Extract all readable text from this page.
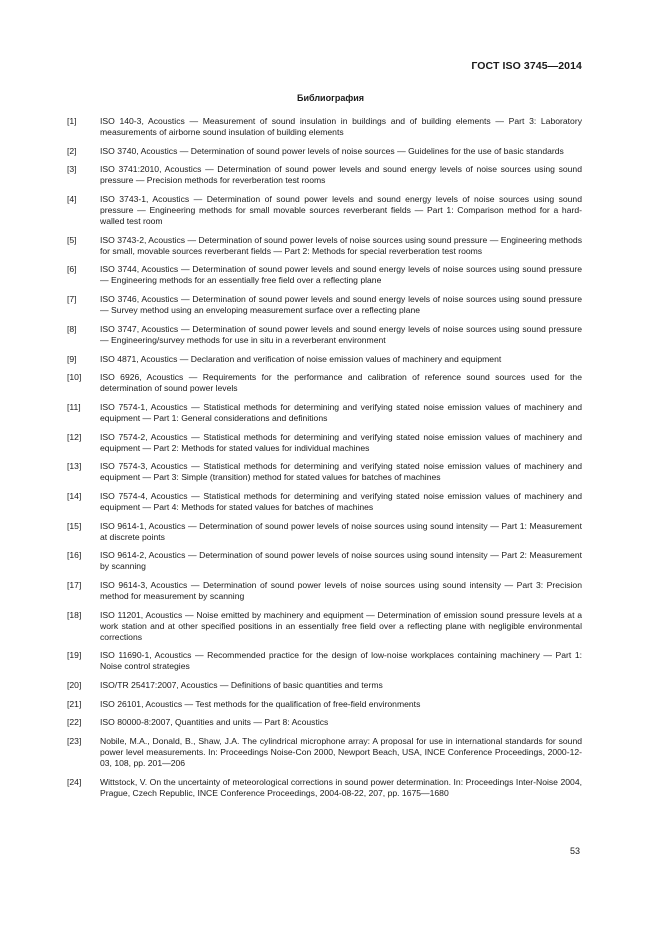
ГОСТ ISO 3745—2014
Библиография
[1]	ISO 140-3, Acoustics — Measurement of sound insulation in buildings and of building elements — Part 3: Laboratory measurements of airborne sound insulation of building elements
[2]	ISO 3740, Acoustics — Determination of sound power levels of noise sources — Guidelines for the use of basic standards
[3]	ISO 3741:2010, Acoustics — Determination of sound power levels and sound energy levels of noise sources using sound pressure — Precision methods for reverberation test rooms
[4]	ISO 3743-1, Acoustics — Determination of sound power levels and sound energy levels of noise sources using sound pressure — Engineering methods for small movable sources reverberant fields — Part 1: Comparison method for a hard-walled test room
[5]	ISO 3743-2, Acoustics — Determination of sound power levels of noise sources using sound pressure — Engineering methods for small, movable sources reverberant fields — Part 2: Methods for special reverberation test rooms
[6]	ISO 3744, Acoustics — Determination of sound power levels and sound energy levels of noise sources using sound pressure — Engineering methods for an essentially free field over a reflecting plane
[7]	ISO 3746, Acoustics — Determination of sound power levels and sound energy levels of noise sources using sound pressure — Survey method using an enveloping measurement surface over a reflecting plane
[8]	ISO 3747, Acoustics — Determination of sound power levels and sound energy levels of noise sources using sound pressure — Engineering/survey methods for use in situ in a reverberant environment
[9]	ISO 4871, Acoustics — Declaration and verification of noise emission values of machinery and equipment
[10]	ISO 6926, Acoustics — Requirements for the performance and calibration of reference sound sources used for the determination of sound power levels
[11]	ISO 7574-1, Acoustics — Statistical methods for determining and verifying stated noise emission values of machinery and equipment — Part 1: General considerations and definitions
[12]	ISO 7574-2, Acoustics — Statistical methods for determining and verifying stated noise emission values of machinery and equipment — Part 2: Methods for stated values for individual machines
[13]	ISO 7574-3, Acoustics — Statistical methods for determining and verifying stated noise emission values of machinery and equipment — Part 3: Simple (transition) method for stated values for batches of machines
[14]	ISO 7574-4, Acoustics — Statistical methods for determining and verifying stated noise emission values of machinery and equipment — Part 4: Methods for stated values for batches of machines
[15]	ISO 9614-1, Acoustics — Determination of sound power levels of noise sources using sound intensity — Part 1: Measurement at discrete points
[16]	ISO 9614-2, Acoustics — Determination of sound power levels of noise sources using sound intensity — Part 2: Measurement by scanning
[17]	ISO 9614-3, Acoustics — Determination of sound power levels of noise sources using sound intensity — Part 3: Precision method for measurement by scanning
[18]	ISO 11201, Acoustics — Noise emitted by machinery and equipment — Determination of emission sound pressure levels at a work station and at other specified positions in an essentially free field over a reflecting plane with negligible environmental corrections
[19]	ISO 11690-1, Acoustics — Recommended practice for the design of low-noise workplaces containing machinery — Part 1: Noise control strategies
[20]	ISO/TR 25417:2007, Acoustics — Definitions of basic quantities and terms
[21]	ISO 26101, Acoustics — Test methods for the qualification of free-field environments
[22]	ISO 80000-8:2007, Quantities and units — Part 8: Acoustics
[23]	Nobile, M.A., Donald, B., Shaw, J.A. The cylindrical microphone array: A proposal for use in international standards for sound power level measurements. In: Proceedings Noise-Con 2000, Newport Beach, USA, INCE Conference Proceedings, 2000-12-03, 108, pp. 201—206
[24]	Wittstock, V. On the uncertainty of meteorological corrections in sound power determination. In: Proceedings Inter-Noise 2004, Prague, Czech Republic, INCE Conference Proceedings, 2004-08-22, 207, pp. 1675—1680
53
